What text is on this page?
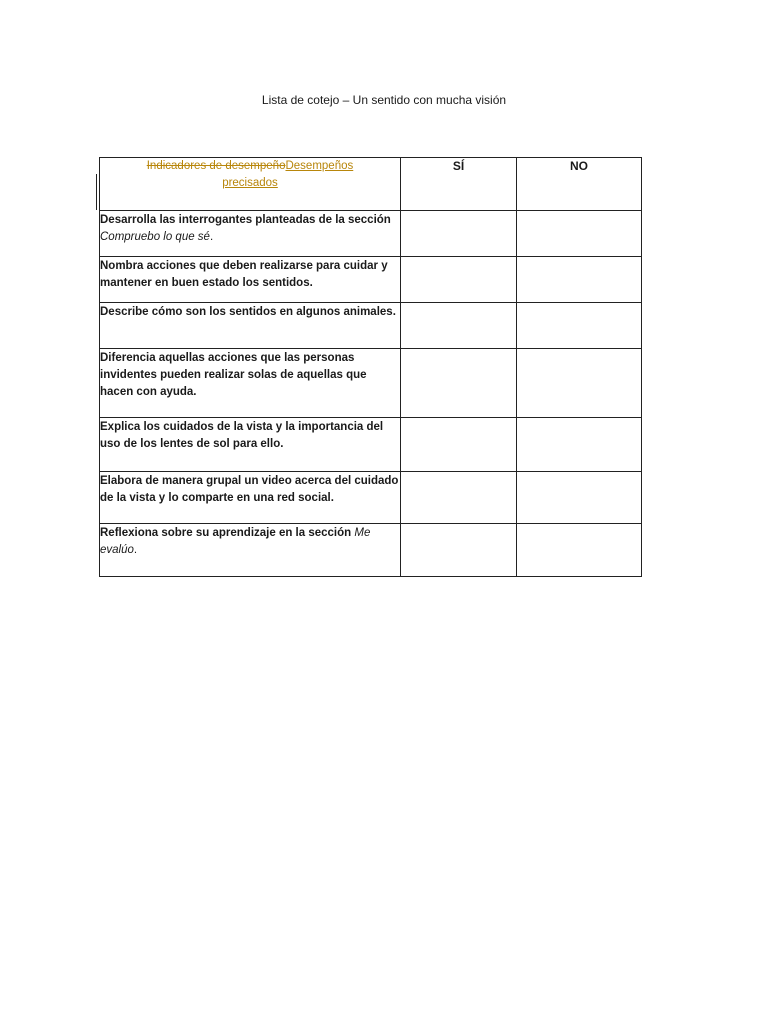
Lista de cotejo – Un sentido con mucha visión
Indicadores de desempeñoDesempeños
precisados	SÍ	NO

Desarrolla las interrogantes planteadas de la sección Compruebo lo que sé.		

Nombra acciones que deben realizarse para cuidar y mantener en buen estado los sentidos.		

Describe cómo son los sentidos en algunos animales.		

Diferencia aquellas acciones que las personas invidentes pueden realizar solas de aquellas que hacen con ayuda.		

Explica los cuidados de la vista y la importancia del uso de los lentes de sol para ello.		

Elabora de manera grupal un video acerca del cuidado de la vista y lo comparte en una red social.		

Reflexiona sobre su aprendizaje en la sección Me evalúo.		
